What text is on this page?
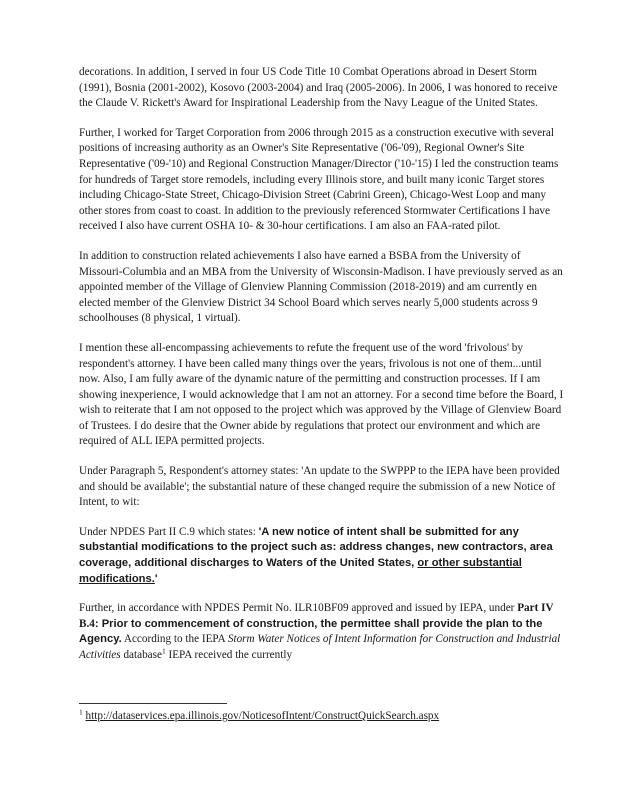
decorations. In addition, I served in four US Code Title 10 Combat Operations abroad in Desert Storm (1991), Bosnia (2001-2002), Kosovo (2003-2004) and Iraq (2005-2006). In 2006, I was honored to receive the Claude V. Rickett's Award for Inspirational Leadership from the Navy League of the United States.

Further, I worked for Target Corporation from 2006 through 2015 as a construction executive with several positions of increasing authority as an Owner's Site Representative ('06-'09), Regional Owner's Site Representative ('09-'10) and Regional Construction Manager/Director ('10-'15) I led the construction teams for hundreds of Target store remodels, including every Illinois store, and built many iconic Target stores including Chicago-State Street, Chicago-Division Street (Cabrini Green), Chicago-West Loop and many other stores from coast to coast. In addition to the previously referenced Stormwater Certifications I have received I also have current OSHA 10- & 30-hour certifications. I am also an FAA-rated pilot.

In addition to construction related achievements I also have earned a BSBA from the University of Missouri-Columbia and an MBA from the University of Wisconsin-Madison. I have previously served as an appointed member of the Village of Glenview Planning Commission (2018-2019) and am currently en elected member of the Glenview District 34 School Board which serves nearly 5,000 students across 9 schoolhouses (8 physical, 1 virtual).

I mention these all-encompassing achievements to refute the frequent use of the word 'frivolous' by respondent's attorney. I have been called many things over the years, frivolous is not one of them...until now. Also, I am fully aware of the dynamic nature of the permitting and construction processes. If I am showing inexperience, I would acknowledge that I am not an attorney. For a second time before the Board, I wish to reiterate that I am not opposed to the project which was approved by the Village of Glenview Board of Trustees. I do desire that the Owner abide by regulations that protect our environment and which are required of ALL IEPA permitted projects.

Under Paragraph 5, Respondent's attorney states: 'An update to the SWPPP to the IEPA have been provided and should be available'; the substantial nature of these changed require the submission of a new Notice of Intent, to wit:

Under NPDES Part II C.9 which states: 'A new notice of intent shall be submitted for any substantial modifications to the project such as: address changes, new contractors, area coverage, additional discharges to Waters of the United States, or other substantial modifications.'

Further, in accordance with NPDES Permit No. ILR10BF09 approved and issued by IEPA, under Part IV B.4: Prior to commencement of construction, the permittee shall provide the plan to the Agency. According to the IEPA Storm Water Notices of Intent Information for Construction and Industrial Activities database$^1$ IEPA received the currently

$^1$ http://dataservices.epa.illinois.gov/NoticesofIntent/ConstructQuickSearch.aspx
